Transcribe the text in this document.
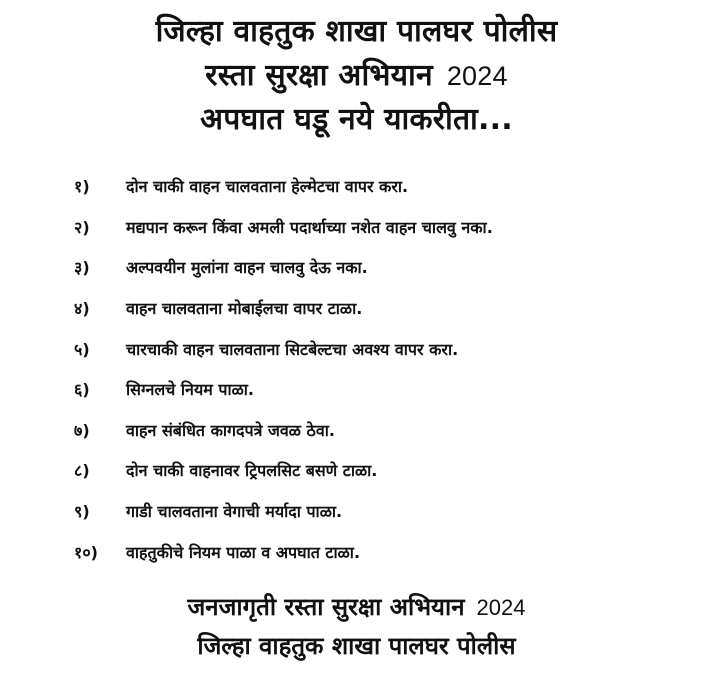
जिल्हा वाहतुक शाखा पालघर पोलीस
रस्ता सुरक्षा अभियान 2024
अपघात घडू नये याकरीता...
१)	दोन चाकी वाहन चालवताना हेल्मेटचा वापर करा.
२)	मद्यपान करून किंवा अमली पदार्थाच्या नशेत वाहन चालवु नका.
३)	अल्पवयीन मुलांना वाहन चालवु देऊ नका.
४)	वाहन चालवताना मोबाईलचा वापर टाळा.
५)	चारचाकी वाहन चालवताना सिटबेल्टचा अवश्य वापर करा.
६)	सिग्नलचे नियम पाळा.
७)	वाहन संबंधित कागदपत्रे जवळ ठेवा.
८)	दोन चाकी वाहनावर ट्रिपलसिट बसणे टाळा.
९)	गाडी चालवताना वेगाची मर्यादा पाळा.
१०)	वाहतुकीचे नियम पाळा व अपघात टाळा.
जनजागृती रस्ता सुरक्षा अभियान 2024
जिल्हा वाहतुक शाखा पालघर पोलीस
